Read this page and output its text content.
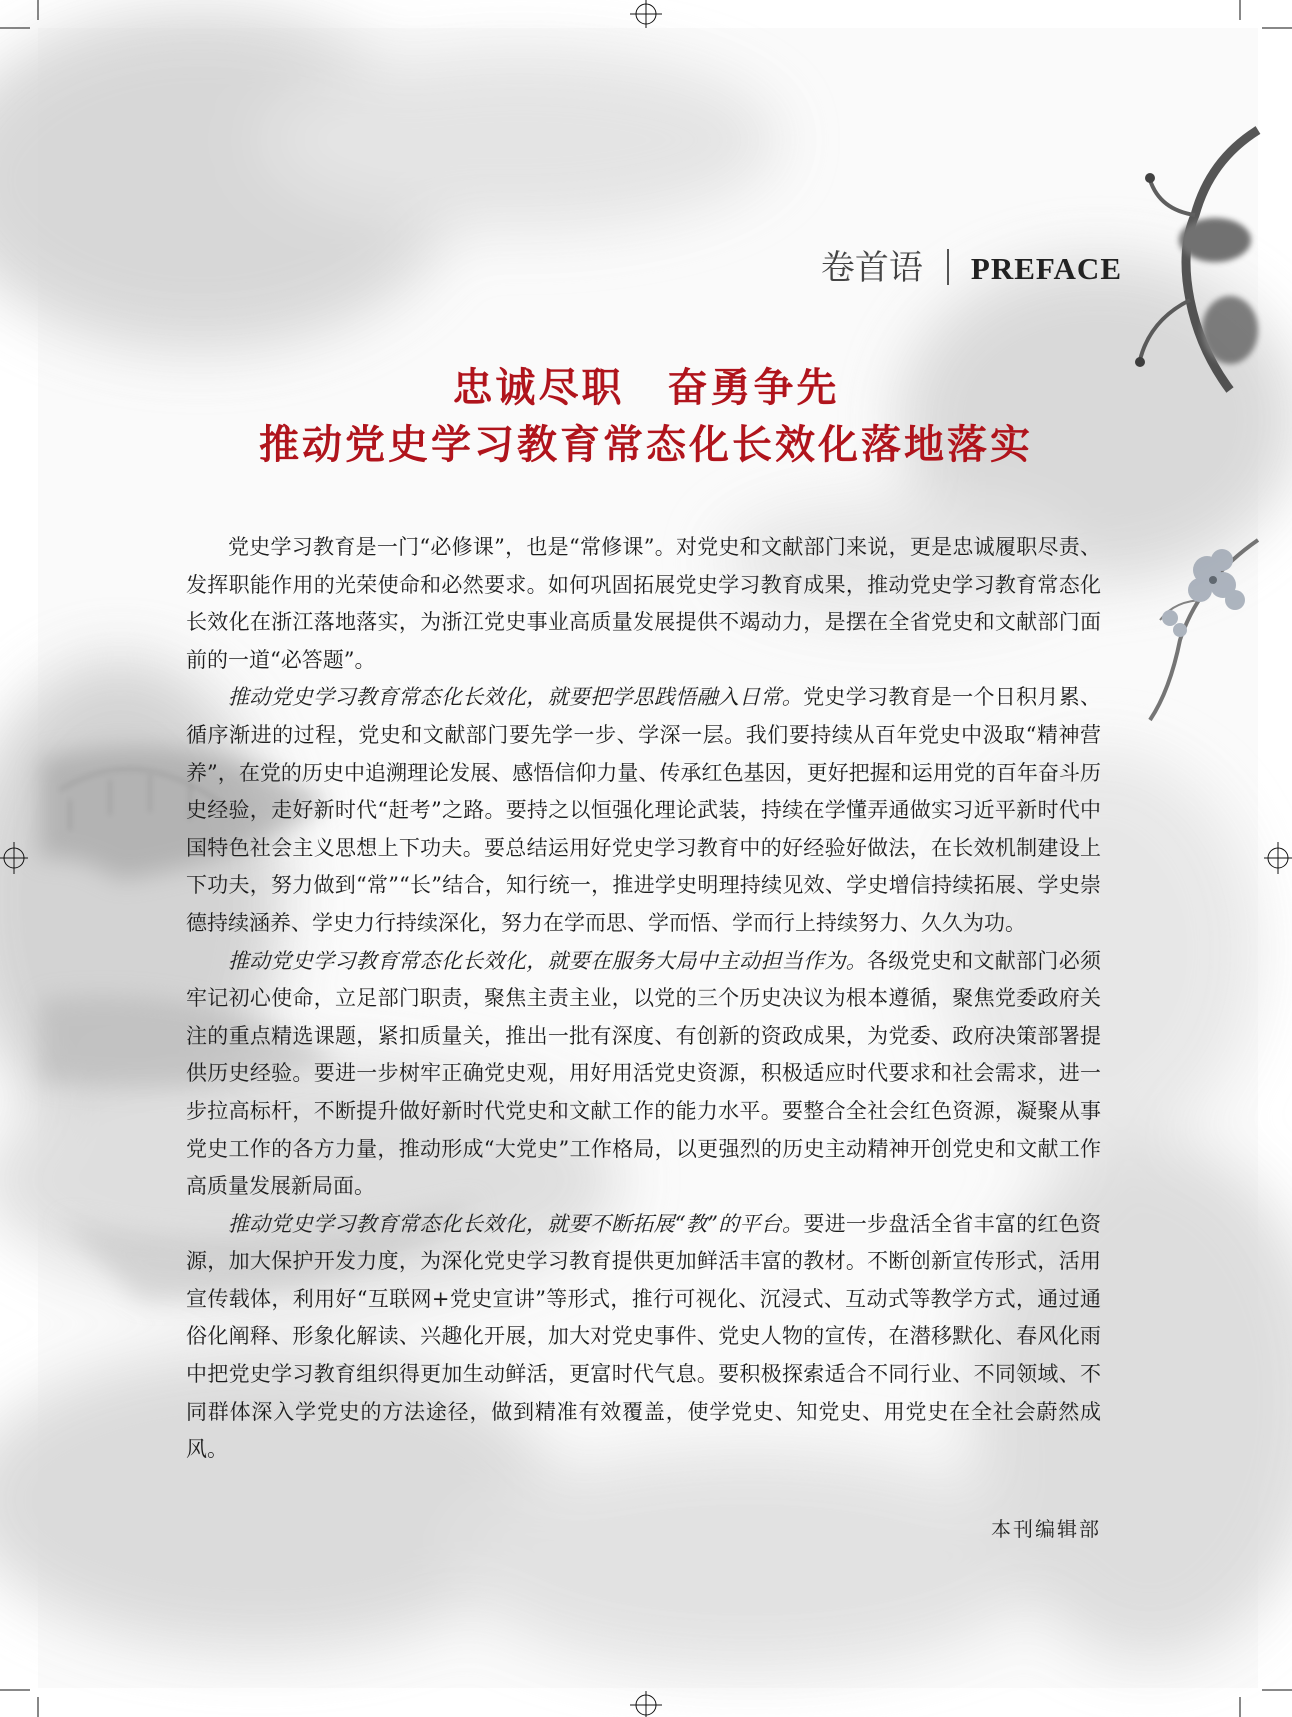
卷首语 PREFACE
忠诚尽职　奋勇争先
推动党史学习教育常态化长效化落地落实

党史学习教育是一门“必修课”，也是“常修课”。对党史和文献部门来说，更是忠诚履职尽责、发挥职能作用的光荣使命和必然要求。如何巩固拓展党史学习教育成果，推动党史学习教育常态化长效化在浙江落地落实，为浙江党史事业高质量发展提供不竭动力，是摆在全省党史和文献部门面前的一道“必答题”。

推动党史学习教育常态化长效化，就要把学思践悟融入日常。党史学习教育是一个日积月累、循序渐进的过程，党史和文献部门要先学一步、学深一层。我们要持续从百年党史中汲取“精神营养”，在党的历史中追溯理论发展、感悟信仰力量、传承红色基因，更好把握和运用党的百年奋斗历史经验，走好新时代“赶考”之路。要持之以恒强化理论武装，持续在学懂弄通做实习近平新时代中国特色社会主义思想上下功夫。要总结运用好党史学习教育中的好经验好做法，在长效机制建设上下功夫，努力做到“常”“长”结合，知行统一，推进学史明理持续见效、学史增信持续拓展、学史崇德持续涵养、学史力行持续深化，努力在学而思、学而悟、学而行上持续努力、久久为功。

推动党史学习教育常态化长效化，就要在服务大局中主动担当作为。各级党史和文献部门必须牢记初心使命，立足部门职责，聚焦主责主业，以党的三个历史决议为根本遵循，聚焦党委政府关注的重点精选课题，紧扣质量关，推出一批有深度、有创新的资政成果，为党委、政府决策部署提供历史经验。要进一步树牢正确党史观，用好用活党史资源，积极适应时代要求和社会需求，进一步拉高标杆，不断提升做好新时代党史和文献工作的能力水平。要整合全社会红色资源，凝聚从事党史工作的各方力量，推动形成“大党史”工作格局，以更强烈的历史主动精神开创党史和文献工作高质量发展新局面。

推动党史学习教育常态化长效化，就要不断拓展“教”的平台。要进一步盘活全省丰富的红色资源，加大保护开发力度，为深化党史学习教育提供更加鲜活丰富的教材。不断创新宣传形式，活用宣传载体，利用好“互联网+党史宣讲”等形式，推行可视化、沉浸式、互动式等教学方式，通过通俗化阐释、形象化解读、兴趣化开展，加大对党史事件、党史人物的宣传，在潜移默化、春风化雨中把党史学习教育组织得更加生动鲜活，更富时代气息。要积极探索适合不同行业、不同领域、不同群体深入学党史的方法途径，做到精准有效覆盖，使学党史、知党史、用党史在全社会蔚然成风。

本刊编辑部
